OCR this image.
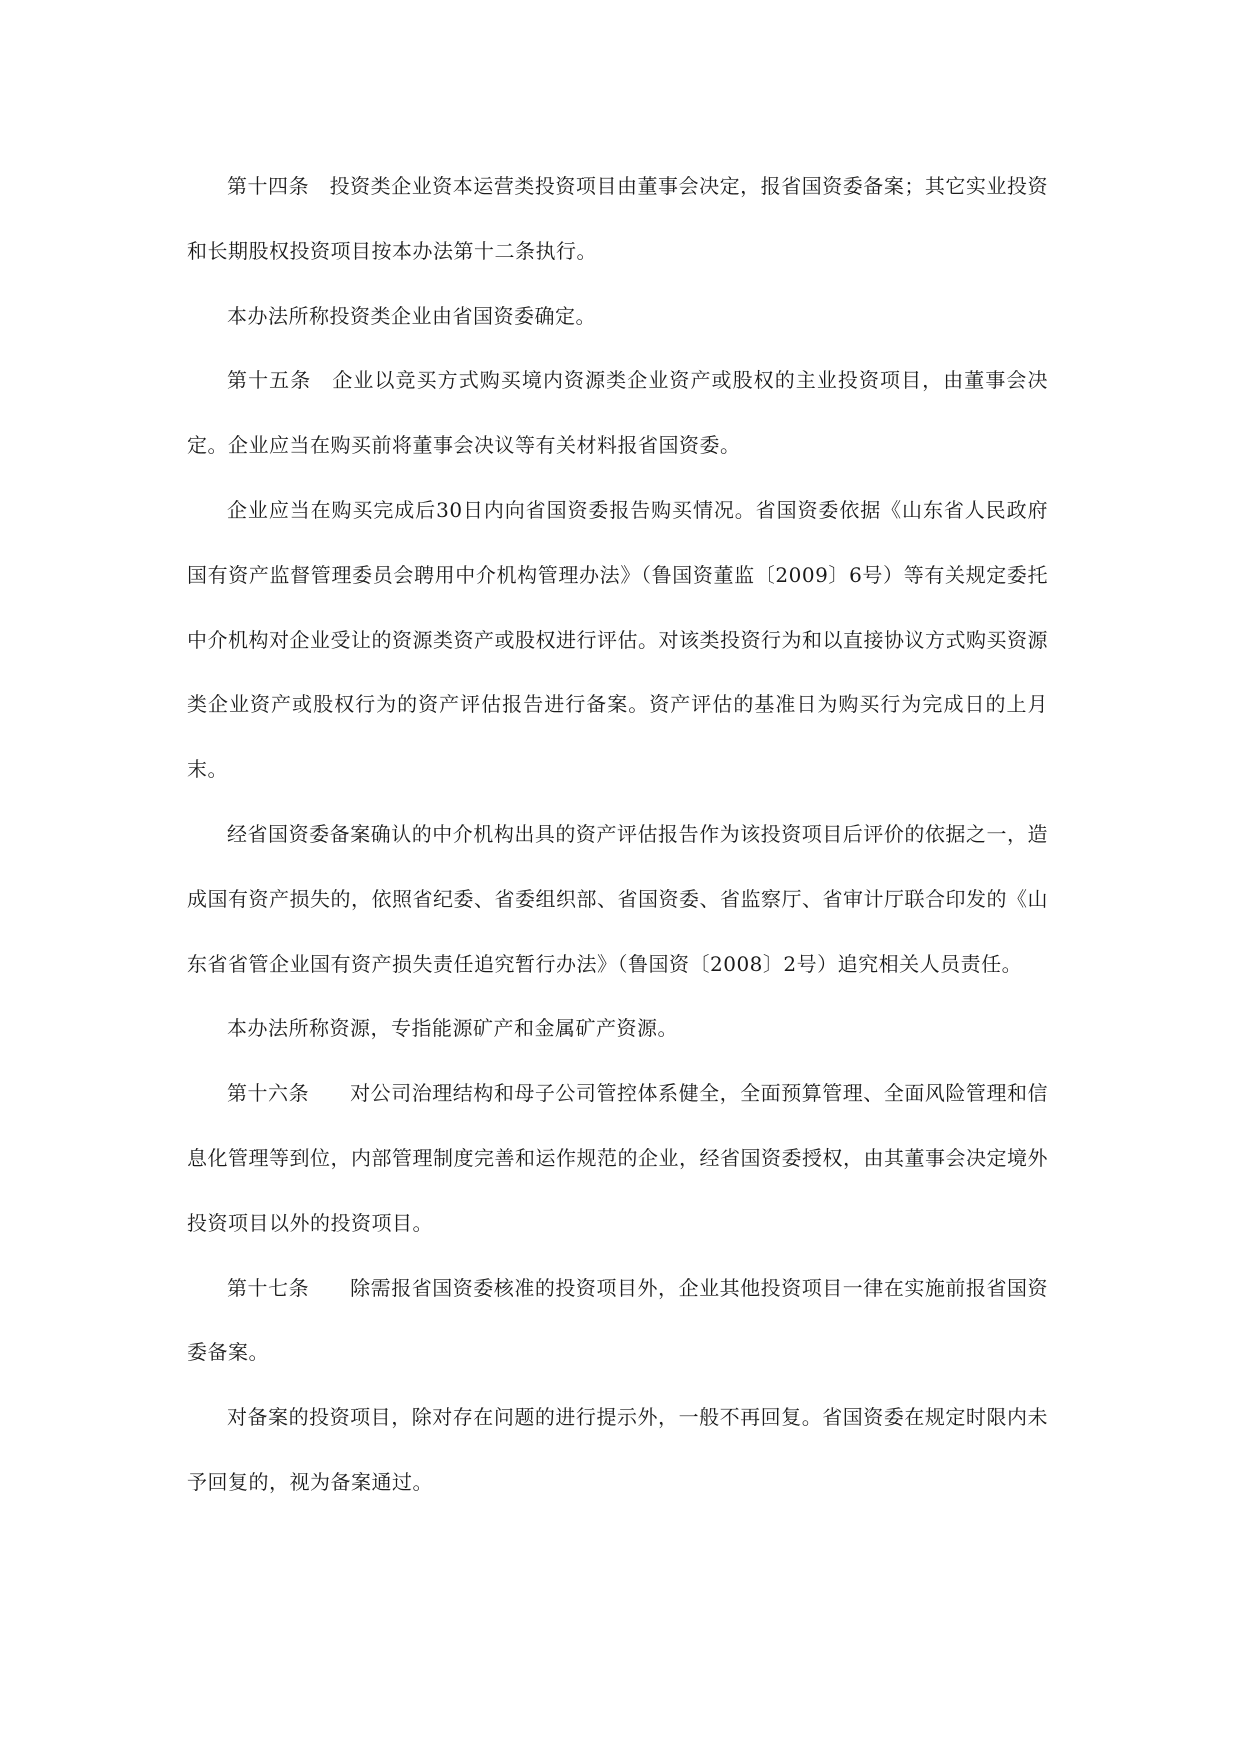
第十四条　投资类企业资本运营类投资项目由董事会决定，报省国资委备案；其它实业投资和长期股权投资项目按本办法第十二条执行。

本办法所称投资类企业由省国资委确定。

第十五条　企业以竞买方式购买境内资源类企业资产或股权的主业投资项目，由董事会决定。企业应当在购买前将董事会决议等有关材料报省国资委。

企业应当在购买完成后30日内向省国资委报告购买情况。省国资委依据《山东省人民政府国有资产监督管理委员会聘用中介机构管理办法》（鲁国资董监〔2009〕6号）等有关规定委托中介机构对企业受让的资源类资产或股权进行评估。对该类投资行为和以直接协议方式购买资源类企业资产或股权行为的资产评估报告进行备案。资产评估的基准日为购买行为完成日的上月末。

经省国资委备案确认的中介机构出具的资产评估报告作为该投资项目后评价的依据之一，造成国有资产损失的，依照省纪委、省委组织部、省国资委、省监察厅、省审计厅联合印发的《山东省省管企业国有资产损失责任追究暂行办法》（鲁国资〔2008〕2号）追究相关人员责任。

本办法所称资源，专指能源矿产和金属矿产资源。

第十六条　　对公司治理结构和母子公司管控体系健全，全面预算管理、全面风险管理和信息化管理等到位，内部管理制度完善和运作规范的企业，经省国资委授权，由其董事会决定境外投资项目以外的投资项目。

第十七条　　除需报省国资委核准的投资项目外，企业其他投资项目一律在实施前报省国资委备案。

对备案的投资项目，除对存在问题的进行提示外，一般不再回复。省国资委在规定时限内未予回复的，视为备案通过。
